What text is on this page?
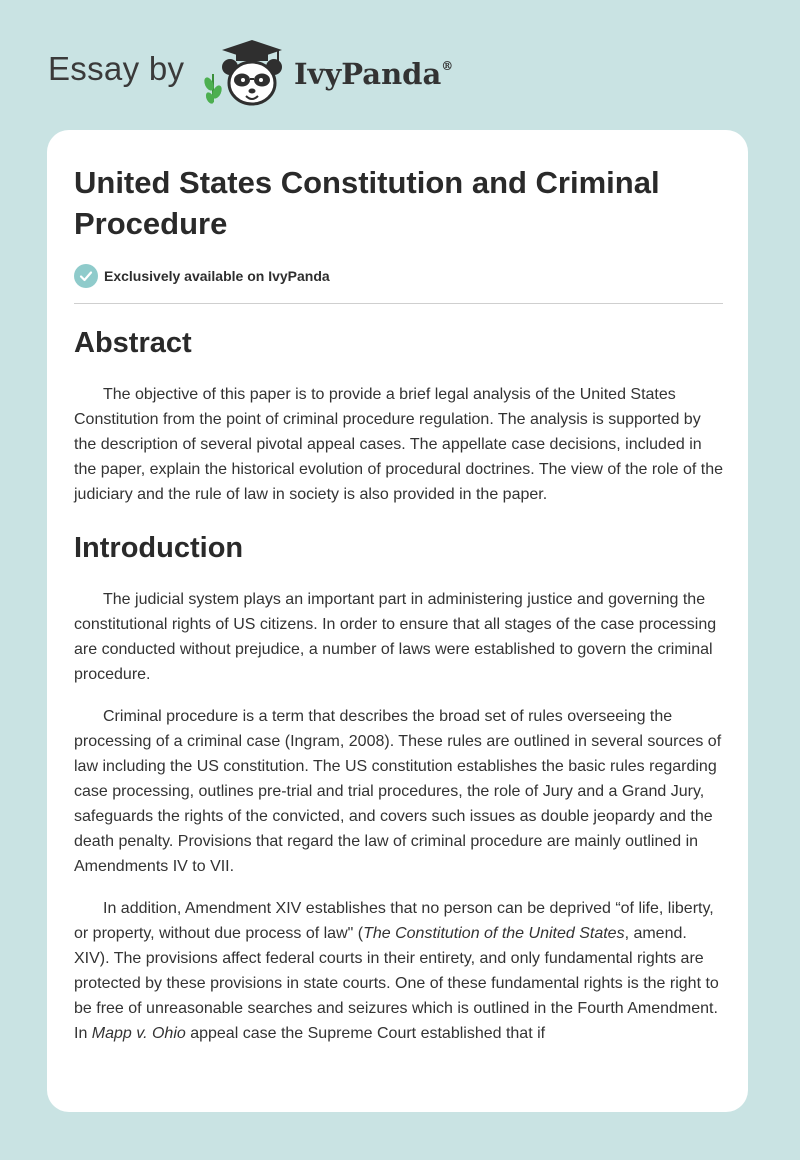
Essay by	IvyPanda®
United States Constitution and Criminal Procedure
Exclusively available on IvyPanda
Abstract

The objective of this paper is to provide a brief legal analysis of the United States Constitution from the point of criminal procedure regulation. The analysis is supported by the description of several pivotal appeal cases. The appellate case decisions, included in the paper, explain the historical evolution of procedural doctrines. The view of the role of the judiciary and the rule of law in society is also provided in the paper.

Introduction

The judicial system plays an important part in administering justice and governing the constitutional rights of US citizens. In order to ensure that all stages of the case processing are conducted without prejudice, a number of laws were established to govern the criminal procedure.

Criminal procedure is a term that describes the broad set of rules overseeing the processing of a criminal case (Ingram, 2008). These rules are outlined in several sources of law including the US constitution. The US constitution establishes the basic rules regarding case processing, outlines pre-trial and trial procedures, the role of Jury and a Grand Jury, safeguards the rights of the convicted, and covers such issues as double jeopardy and the death penalty. Provisions that regard the law of criminal procedure are mainly outlined in Amendments IV to VII.

In addition, Amendment XIV establishes that no person can be deprived “of life, liberty, or property, without due process of law" (The Constitution of the United States, amend. XIV). The provisions affect federal courts in their entirety, and only fundamental rights are protected by these provisions in state courts. One of these fundamental rights is the right to be free of unreasonable searches and seizures which is outlined in the Fourth Amendment. In Mapp v. Ohio appeal case the Supreme Court established that if
